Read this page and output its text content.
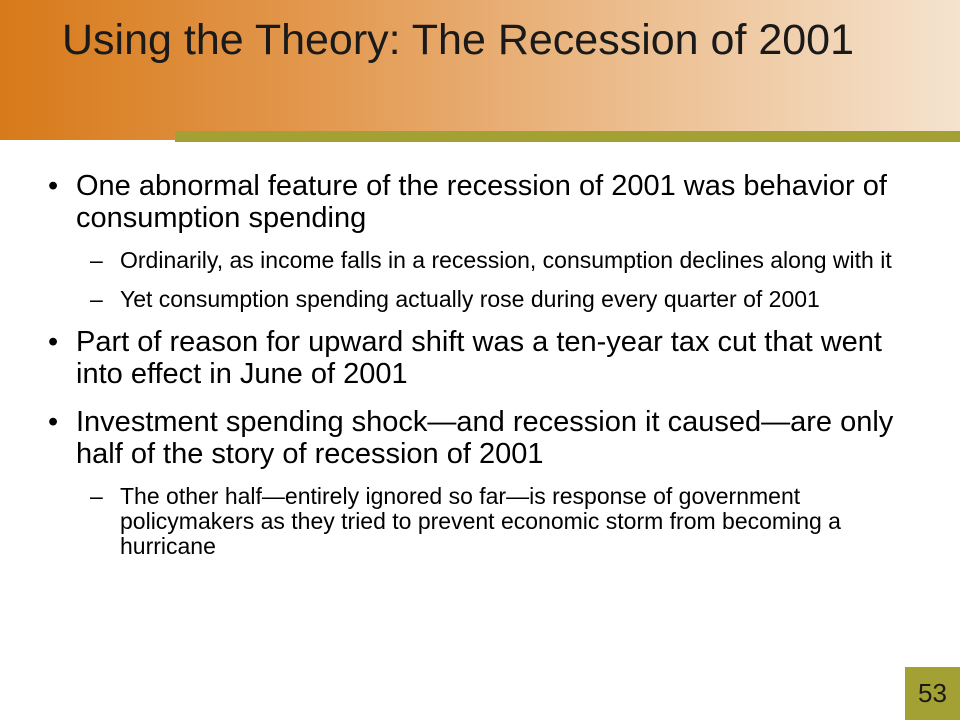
Using the Theory: The Recession of 2001
• One abnormal feature of the recession of 2001 was behavior of consumption spending
– Ordinarily, as income falls in a recession, consumption declines along with it
– Yet consumption spending actually rose during every quarter of 2001
• Part of reason for upward shift was a ten-year tax cut that went into effect in June of 2001
• Investment spending shock—and recession it caused—are only half of the story of recession of 2001
– The other half—entirely ignored so far—is response of government policymakers as they tried to prevent economic storm from becoming a hurricane
53
